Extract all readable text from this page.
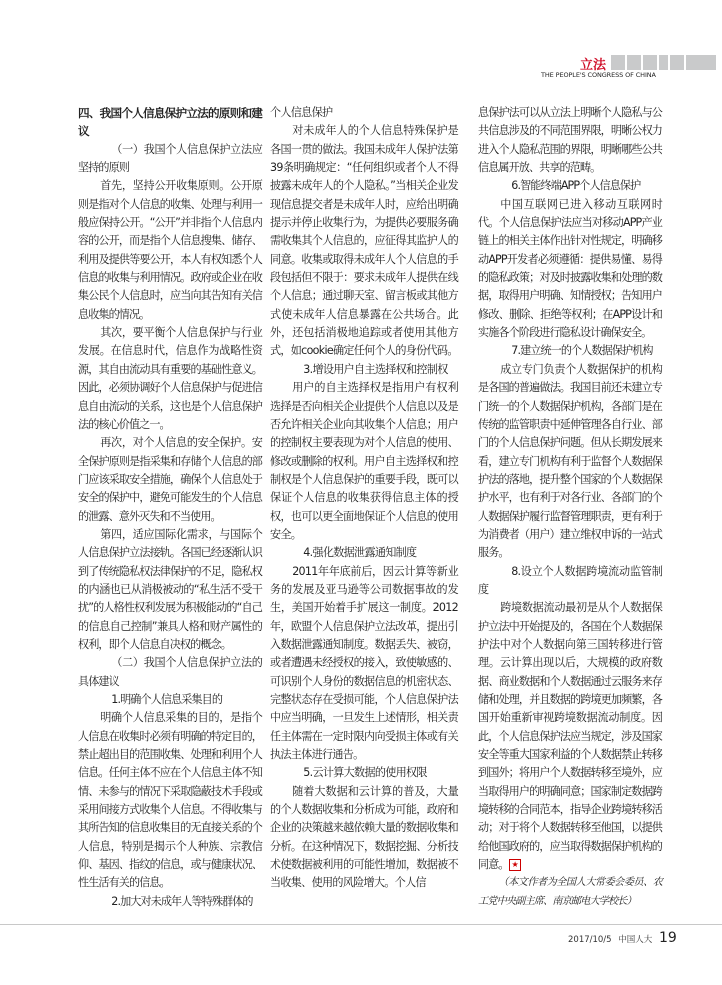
立法
THE PEOPLE'S CONGRESS OF CHINA

四、我国个人信息保护立法的原则和建议

（一）我国个人信息保护立法应坚持的原则

首先，坚持公开收集原则。公开原则是指对个人信息的收集、处理与利用一般应保持公开。“公开”并非指个人信息内容的公开，而是指个人信息搜集、储存、利用及提供等要公开，本人有权知悉个人信息的收集与利用情况。政府或企业在收集公民个人信息时，应当向其告知有关信息收集的情况。

其次，要平衡个人信息保护与行业发展。在信息时代，信息作为战略性资源，其自由流动具有重要的基础性意义。因此，必须协调好个人信息保护与促进信息自由流动的关系，这也是个人信息保护法的核心价值之一。

再次，对个人信息的安全保护。安全保护原则是指采集和存储个人信息的部门应该采取安全措施，确保个人信息处于安全的保护中，避免可能发生的个人信息的泄露、意外灭失和不当使用。

第四，适应国际化需求，与国际个人信息保护立法接轨。各国已经逐渐认识到了传统隐私权法律保护的不足，隐私权的内涵也已从消极被动的“私生活不受干扰”的人格性权利发展为积极能动的“自己的信息自己控制”兼具人格和财产属性的权利，即个人信息自决权的概念。

（二）我国个人信息保护立法的具体建议

1.明确个人信息采集目的

明确个人信息采集的目的，是指个人信息在收集时必须有明确的特定目的，禁止超出目的范围收集、处理和利用个人信息。任何主体不应在个人信息主体不知情、未参与的情况下采取隐蔽技术手段或采用间接方式收集个人信息。不得收集与其所告知的信息收集目的无直接关系的个人信息，特别是揭示个人种族、宗教信仰、基因、指纹的信息，或与健康状况、性生活有关的信息。

2.加大对未成年人等特殊群体的

个人信息保护

对未成年人的个人信息特殊保护是各国一贯的做法。我国未成年人保护法第39条明确规定：“任何组织或者个人不得披露未成年人的个人隐私。”当相关企业发现信息提交者是未成年人时，应给出明确提示并停止收集行为，为提供必要服务确需收集其个人信息的，应征得其监护人的同意。收集或取得未成年人个人信息的手段包括但不限于：要求未成年人提供在线个人信息；通过聊天室、留言板或其他方式使未成年人信息暴露在公共场合。此外，还包括消极地追踪或者使用其他方式，如cookie确定任何个人的身份代码。

3.增设用户自主选择权和控制权

用户的自主选择权是指用户有权利选择是否向相关企业提供个人信息以及是否允许相关企业向其收集个人信息；用户的控制权主要表现为对个人信息的使用、修改或删除的权利。用户自主选择权和控制权是个人信息保护的重要手段，既可以保证个人信息的收集获得信息主体的授权，也可以更全面地保证个人信息的使用安全。

4.强化数据泄露通知制度

2011年年底前后，因云计算等新业务的发展及亚马逊等公司数据事故的发生，美国开始着手扩展这一制度。2012年，欧盟个人信息保护立法改革，提出引入数据泄露通知制度。数据丢失、被窃，或者遭遇未经授权的接入，致使敏感的、可识别个人身份的数据信息的机密状态、完整状态存在受损可能，个人信息保护法中应当明确，一旦发生上述情形，相关责任主体需在一定时限内向受损主体或有关执法主体进行通告。

5.云计算大数据的使用权限

随着大数据和云计算的普及，大量的个人数据收集和分析成为可能，政府和企业的决策越来越依赖大量的数据收集和分析。在这种情况下，数据挖掘、分析技术使数据被利用的可能性增加，数据被不当收集、使用的风险增大。个人信

息保护法可以从立法上明晰个人隐私与公共信息涉及的不同范围界限，明晰公权力进入个人隐私范围的界限，明晰哪些公共信息属开放、共享的范畴。

6.智能终端APP个人信息保护

中国互联网已进入移动互联网时代。个人信息保护法应当对移动APP产业链上的相关主体作出针对性规定，明确移动APP开发者必须遵循：提供易懂、易得的隐私政策；对及时披露收集和处理的数据，取得用户明确、知情授权；告知用户修改、删除、拒绝等权利；在APP设计和实施各个阶段进行隐私设计确保安全。

7.建立统一的个人数据保护机构

成立专门负责个人数据保护的机构是各国的普遍做法。我国目前还未建立专门统一的个人数据保护机构，各部门是在传统的监管职责中延伸管理各自行业、部门的个人信息保护问题。但从长期发展来看，建立专门机构有利于监督个人数据保护法的落地，提升整个国家的个人数据保护水平，也有利于对各行业、各部门的个人数据保护履行监督管理职责，更有利于为消费者（用户）建立维权申诉的一站式服务。

8.设立个人数据跨境流动监管制度

跨境数据流动最初是从个人数据保护立法中开始提及的，各国在个人数据保护法中对个人数据向第三国转移进行管理。云计算出现以后，大规模的政府数据、商业数据和个人数据通过云服务来存储和处理，并且数据的跨境更加频繁，各国开始重新审视跨境数据流动制度。因此，个人信息保护法应当规定，涉及国家安全等重大国家利益的个人数据禁止转移到国外；将用户个人数据转移至境外，应当取得用户的明确同意；国家制定数据跨境转移的合同范本，指导企业跨境转移活动；对于将个人数据转移至他国，以提供给他国政府的，应当取得数据保护机构的同意。 ★

（本文作者为全国人大常委会委员、农工党中央副主席、南京邮电大学校长）

2017/10/5 中国人大 19
